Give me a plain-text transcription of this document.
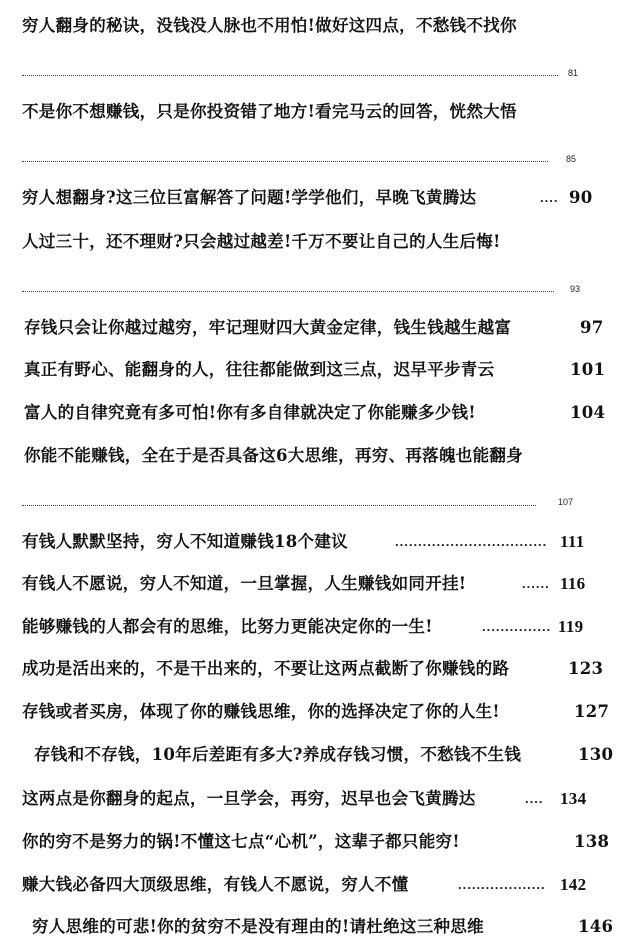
穷人翻身的秘诀，没钱没人脉也不用怕!做好这四点，不愁钱不找你
81
不是你不想赚钱，只是你投资错了地方!看完马云的回答，恍然大悟
85
穷人想翻身?这三位巨富解答了问题!学学他们，早晚飞黄腾达	.... 90
人过三十，还不理财?只会越过越差!千万不要让自己的人生后悔!
93
存钱只会让你越过越穷，牢记理财四大黄金定律，钱生钱越生越富	97
真正有野心、能翻身的人，往往都能做到这三点，迟早平步青云	101
富人的自律究竟有多可怕!你有多自律就决定了你能赚多少钱!	104
你能不能赚钱，全在于是否具备这6大思维，再穷、再落魄也能翻身
107
有钱人默默坚持，穷人不知道赚钱18个建议	................................. 111
有钱人不愿说，穷人不知道，一旦掌握，人生赚钱如同开挂!	...... 116
能够赚钱的人都会有的思维，比努力更能决定你的一生!	............... 119
成功是活出来的，不是干出来的，不要让这两点截断了你赚钱的路	123
存钱或者买房，体现了你的赚钱思维，你的选择决定了你的人生!	127
存钱和不存钱，10年后差距有多大?养成存钱习惯，不愁钱不生钱	130
这两点是你翻身的起点，一旦学会，再穷，迟早也会飞黄腾达	.... 134
你的穷不是努力的锅!不懂这七点“心机”，这辈子都只能穷!	138
赚大钱必备四大顶级思维，有钱人不愿说，穷人不懂	................... 142
穷人思维的可悲!你的贫穷不是没有理由的!请杜绝这三种思维	146
